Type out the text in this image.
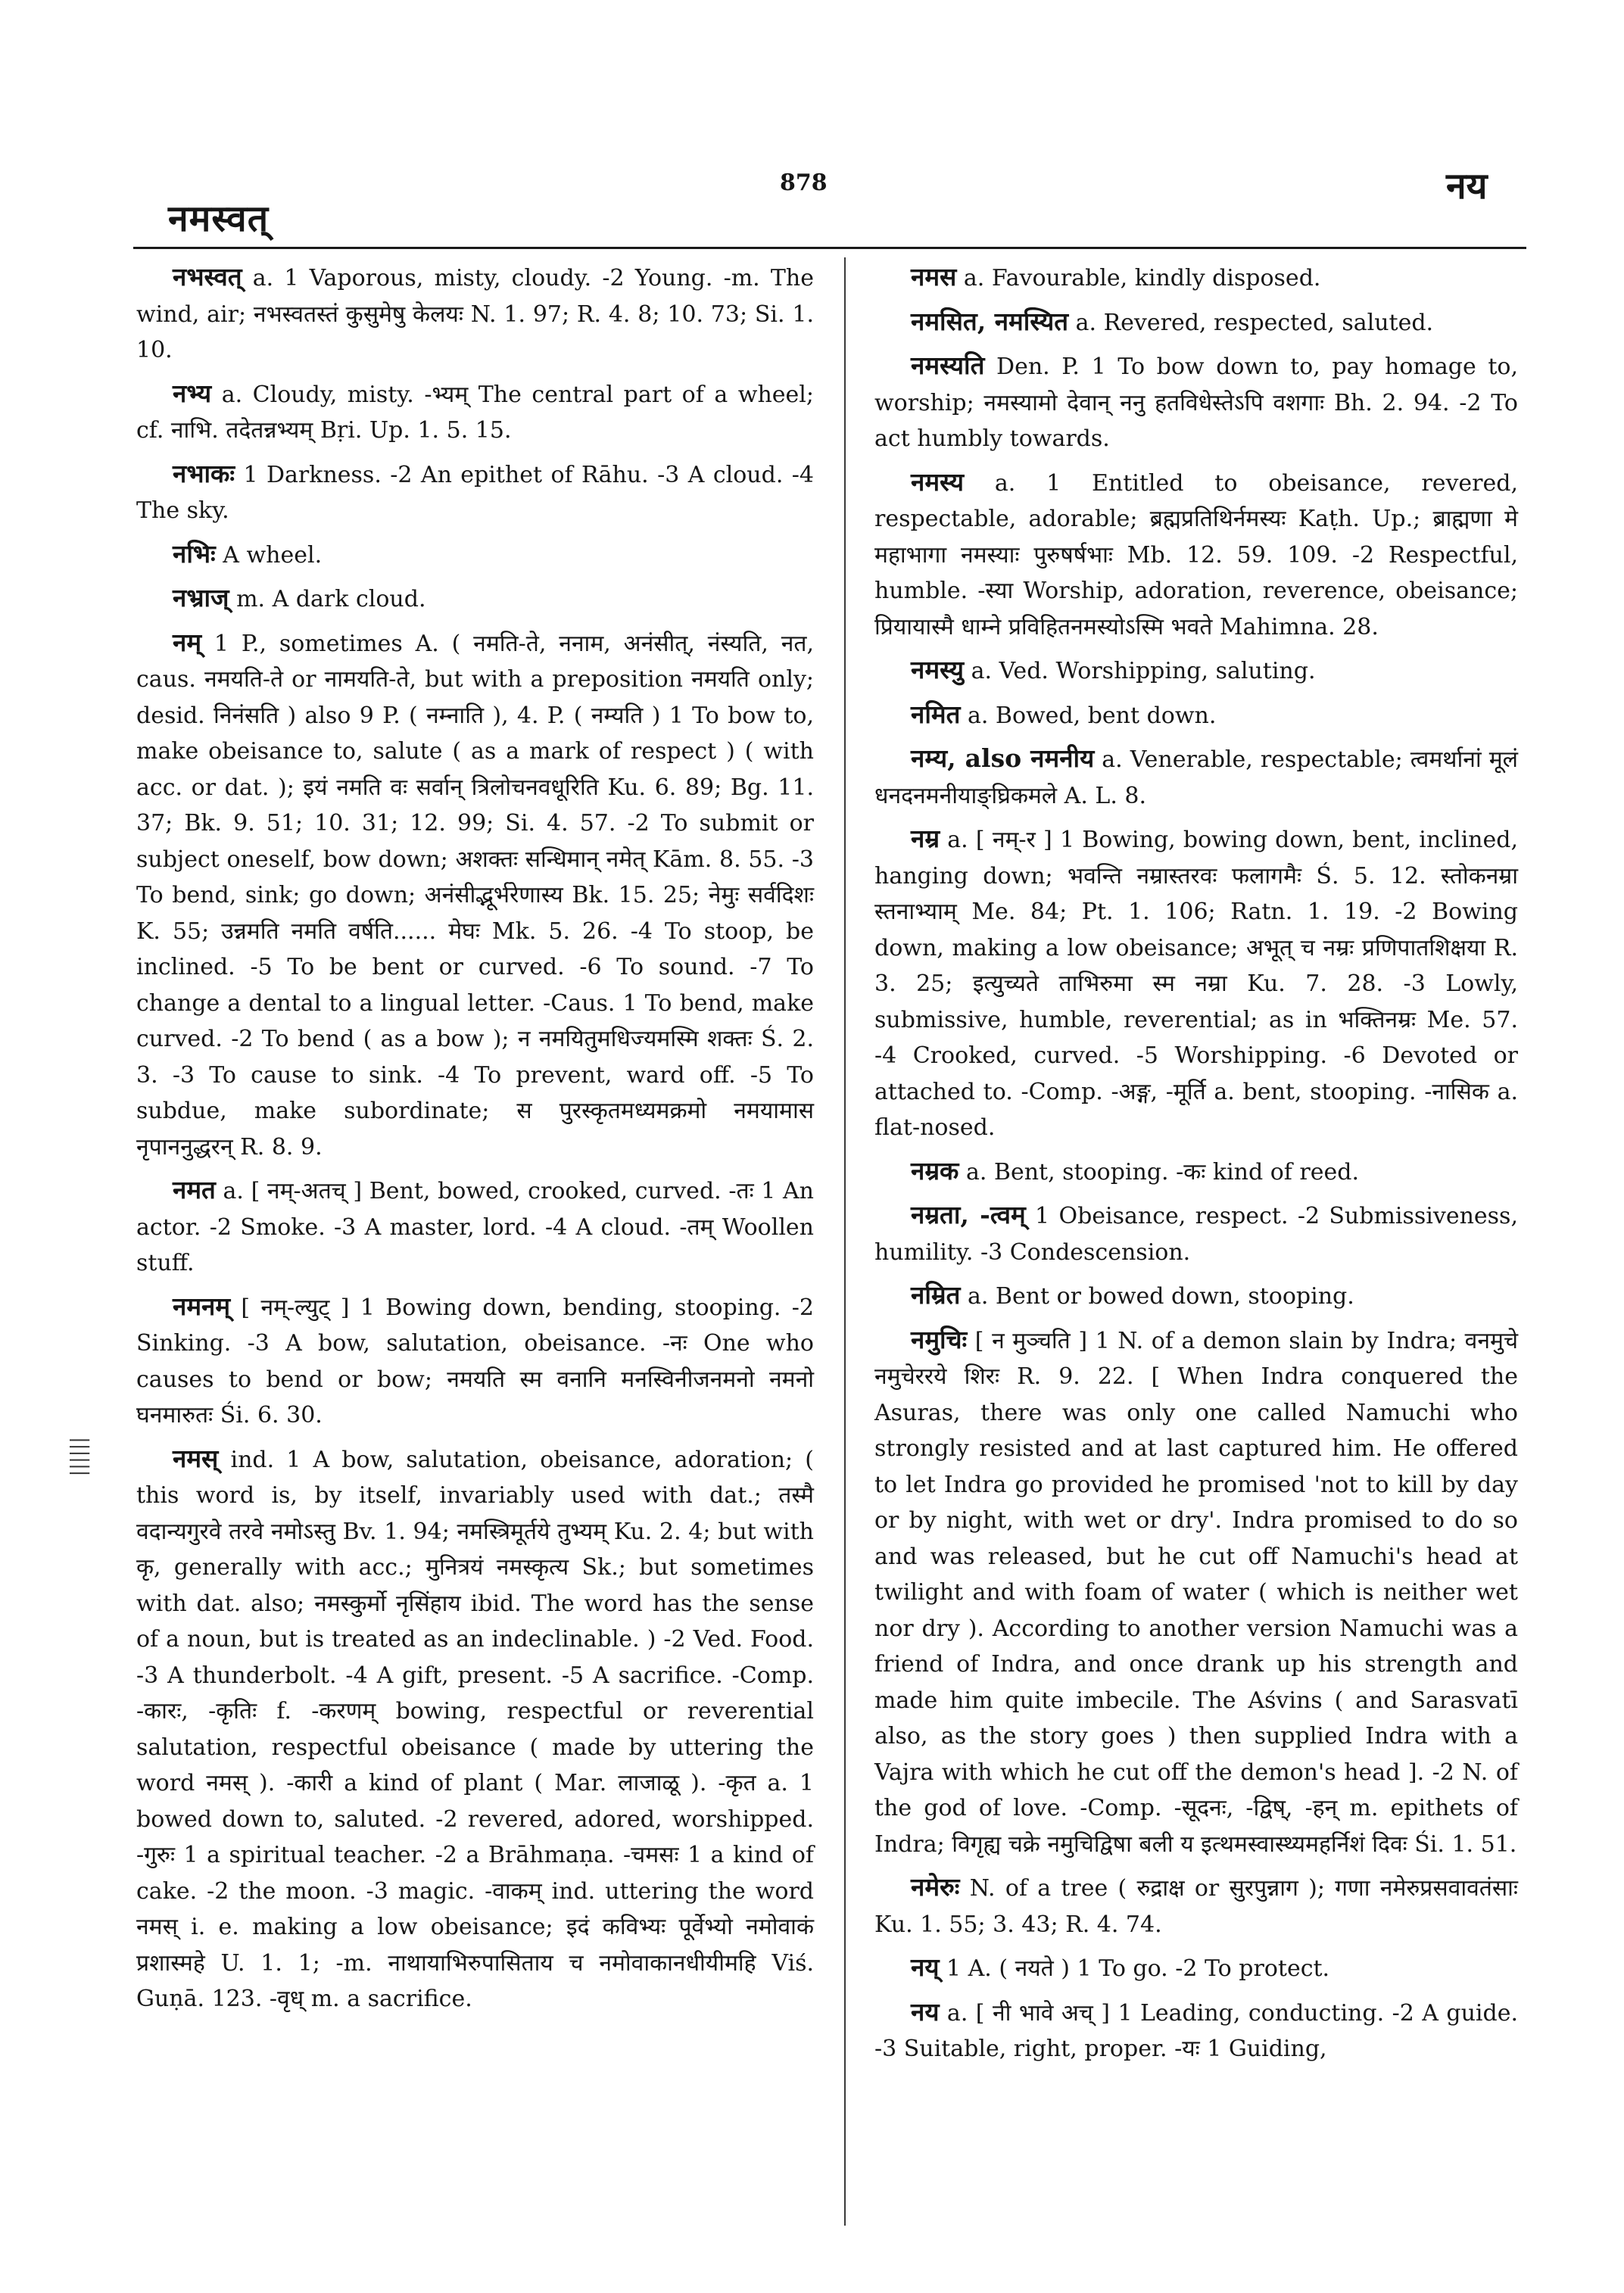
नमस्वत्
878	नय
||||||

नभस्वत् a. 1 Vaporous, misty, cloudy. -2 Young. -m. The wind, air; नभस्वतस्तं कुसुमेषु केलयः N. 1. 97; R. 4. 8; 10. 73; Si. 1. 10.

नभ्य a. Cloudy, misty. -भ्यम् The central part of a wheel; cf. नाभि. तदेतन्नभ्यम् Bṛi. Up. 1. 5. 15.

नभाकः 1 Darkness. -2 An epithet of Rāhu. -3 A cloud. -4 The sky.

नभिः A wheel.

नभ्राज् m. A dark cloud.

नम् 1 P., sometimes A. ( नमति-ते, ननाम, अनंसीत्, नंस्यति, नत, caus. नमयति-ते or नामयति-ते, but with a preposition नमयति only; desid. निनंसति ) also 9 P. ( नम्नाति ), 4. P. ( नम्यति ) 1 To bow to, make obeisance to, salute ( as a mark of respect ) ( with acc. or dat. ); इयं नमति वः सर्वान् त्रिलोचनवधूरिति Ku. 6. 89; Bg. 11. 37; Bk. 9. 51; 10. 31; 12. 99; Si. 4. 57. -2 To submit or subject oneself, bow down; अशक्तः सन्धिमान् नमेत् Kām. 8. 55. -3 To bend, sink; go down; अनंसीद्भूर्भरेणास्य Bk. 15. 25; नेमुः सर्वदिशः K. 55; उन्नमति नमति वर्षति...... मेघः Mk. 5. 26. -4 To stoop, be inclined. -5 To be bent or curved. -6 To sound. -7 To change a dental to a lingual letter. -Caus. 1 To bend, make curved. -2 To bend ( as a bow ); न नमयितुमधिज्यमस्मि शक्तः Ś. 2. 3. -3 To cause to sink. -4 To prevent, ward off. -5 To subdue, make subordinate; स पुरस्कृतमध्यमक्रमो नमयामास नृपाननुद्धरन् R. 8. 9.

नमत a. [ नम्-अतच् ] Bent, bowed, crooked, curved. -तः 1 An actor. -2 Smoke. -3 A master, lord. -4 A cloud. -तम् Woollen stuff.

नमनम् [ नम्-ल्युट् ] 1 Bowing down, bending, stooping. -2 Sinking. -3 A bow, salutation, obeisance. -नः One who causes to bend or bow; नमयति स्म वनानि मनस्विनीजनमनो नमनो घनमारुतः Śi. 6. 30.

नमस् ind. 1 A bow, salutation, obeisance, adoration; ( this word is, by itself, invariably used with dat.; तस्मै वदान्यगुरवे तरवे नमोऽस्तु Bv. 1. 94; नमस्त्रिमूर्तये तुभ्यम् Ku. 2. 4; but with कृ, generally with acc.; मुनित्रयं नमस्कृत्य Sk.; but sometimes with dat. also; नमस्कुर्मो नृसिंहाय ibid. The word has the sense of a noun, but is treated as an indeclinable. ) -2 Ved. Food. -3 A thunderbolt. -4 A gift, present. -5 A sacrifice. -Comp. -कारः, -कृतिः f. -करणम् bowing, respectful or reverential salutation, respectful obeisance ( made by uttering the word नमस् ). -कारी a kind of plant ( Mar. लाजाळू ). -कृत a. 1 bowed down to, saluted. -2 revered, adored, worshipped. -गुरुः 1 a spiritual teacher. -2 a Brāhmaṇa. -चमसः 1 a kind of cake. -2 the moon. -3 magic. -वाकम् ind. uttering the word नमस् i. e. making a low obeisance; इदं कविभ्यः पूर्वेभ्यो नमोवाकं प्रशास्महे U. 1. 1; -m. नाथायाभिरुपासिताय च नमोवाकानधीयीमहि Viś. Guṇā. 123. -वृध् m. a sacrifice.

नमस a. Favourable, kindly disposed.

नमसित, नमस्यित a. Revered, respected, saluted.

नमस्यति Den. P. 1 To bow down to, pay homage to, worship; नमस्यामो देवान् ननु हतविधेस्तेऽपि वशगाः Bh. 2. 94. -2 To act humbly towards.

नमस्य a. 1 Entitled to obeisance, revered, respectable, adorable; ब्रह्मप्रतिथिर्नमस्यः Kaṭh. Up.; ब्राह्मणा मे महाभागा नमस्याः पुरुषर्षभाः Mb. 12. 59. 109. -2 Respectful, humble. -स्या Worship, adoration, reverence, obeisance; प्रियायास्मै धाम्ने प्रविहितनमस्योऽस्मि भवते Mahimna. 28.

नमस्यु a. Ved. Worshipping, saluting.

नमित a. Bowed, bent down.

नम्य, also नमनीय a. Venerable, respectable; त्वमर्थानां मूलं धनदनमनीयाङ्घ्रिकमले A. L. 8.

नम्र a. [ नम्-र ] 1 Bowing, bowing down, bent, inclined, hanging down; भवन्ति नम्रास्तरवः फलागमैः Ś. 5. 12. स्तोकनम्रा स्तनाभ्याम् Me. 84; Pt. 1. 106; Ratn. 1. 19. -2 Bowing down, making a low obeisance; अभूत् च नम्रः प्रणिपातशिक्षया R. 3. 25; इत्युच्यते ताभिरुमा स्म नम्रा Ku. 7. 28. -3 Lowly, submissive, humble, reverential; as in भक्तिनम्रः Me. 57. -4 Crooked, curved. -5 Worshipping. -6 Devoted or attached to. -Comp. -अङ्ग, -मूर्ति a. bent, stooping. -नासिक a. flat-nosed.

नम्रक a. Bent, stooping. -कः kind of reed.

नम्रता, -त्वम् 1 Obeisance, respect. -2 Submissiveness, humility. -3 Condescension.

नम्रित a. Bent or bowed down, stooping.

नमुचिः [ न मुञ्चति ] 1 N. of a demon slain by Indra; वनमुचे नमुचेररये शिरः R. 9. 22. [ When Indra conquered the Asuras, there was only one called Namuchi who strongly resisted and at last captured him. He offered to let Indra go provided he promised 'not to kill by day or by night, with wet or dry'. Indra promised to do so and was released, but he cut off Namuchi's head at twilight and with foam of water ( which is neither wet nor dry ). According to another version Namuchi was a friend of Indra, and once drank up his strength and made him quite imbecile. The Aśvins ( and Sarasvatī also, as the story goes ) then supplied Indra with a Vajra with which he cut off the demon's head ]. -2 N. of the god of love. -Comp. -सूदनः, -द्विष्, -हन् m. epithets of Indra; विगृह्य चक्रे नमुचिद्विषा बली य इत्थमस्वास्थ्यमहर्निशं दिवः Śi. 1. 51.

नमेरुः N. of a tree ( रुद्राक्ष or सुरपुन्नाग ); गणा नमेरुप्रसवावतंसाः Ku. 1. 55; 3. 43; R. 4. 74.

नय् 1 A. ( नयते ) 1 To go. -2 To protect.

नय a. [ नी भावे अच् ] 1 Leading, conducting. -2 A guide. -3 Suitable, right, proper. -यः 1 Guiding,
